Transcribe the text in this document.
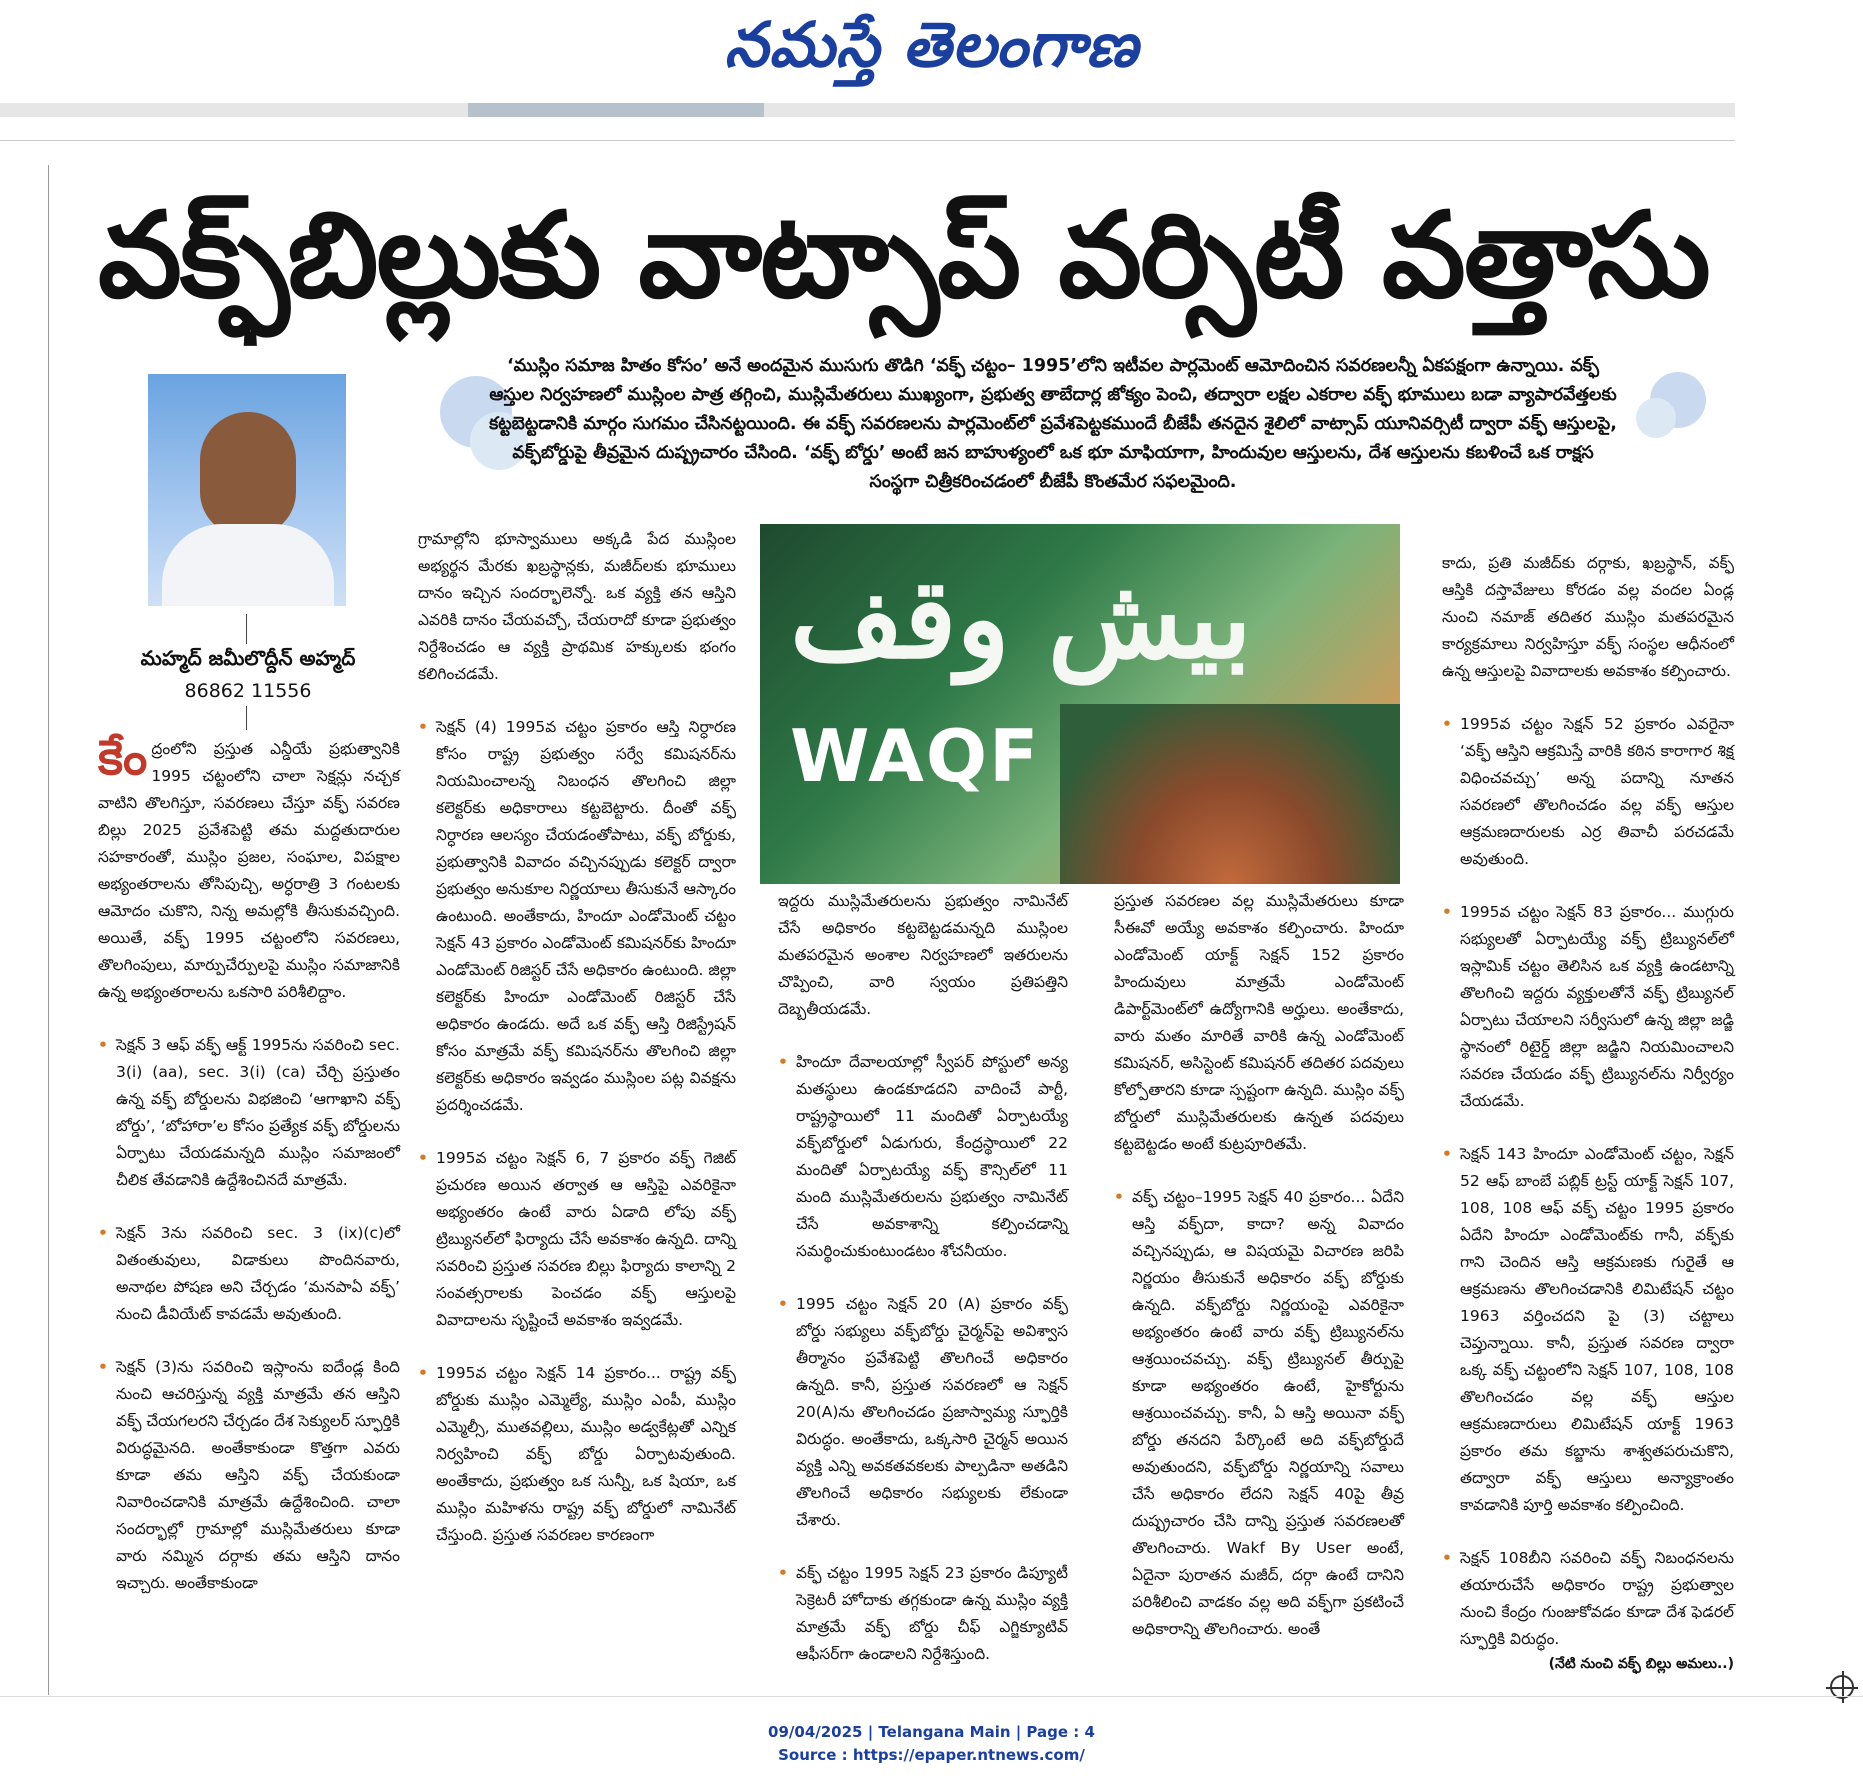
నమస్తే తెలంగాణ
వక్ఫ్‌బిల్లుకు వాట్సాప్ వర్సిటీ వత్తాసు
మహ్మద్ జమీలొద్దీన్ అహ్మద్
86862 11556
‘ముస్లిం సమాజ హితం కోసం’ అనే అందమైన ముసుగు తొడిగి ‘వక్ఫ్ చట్టం– 1995’లోని ఇటీవల పార్లమెంట్ ఆమోదించిన సవరణలన్నీ ఏకపక్షంగా ఉన్నాయి. వక్ఫ్ ఆస్తుల నిర్వహణలో ముస్లింల పాత్ర తగ్గించి, ముస్లిమేతరులు ముఖ్యంగా, ప్రభుత్వ తాబేదార్ల జోక్యం పెంచి, తద్వారా లక్షల ఎకరాల వక్ఫ్ భూములు బడా వ్యాపారవేత్తలకు కట్టబెట్టడానికి మార్గం సుగమం చేసినట్టయింది. ఈ వక్ఫ్ సవరణలను పార్లమెంట్‌లో ప్రవేశపెట్టకముందే బీజేపీ తనదైన శైలిలో వాట్సాప్ యూనివర్సిటీ ద్వారా వక్ఫ్ ఆస్తులపై, వక్ఫ్‌బోర్డుపై తీవ్రమైన దుష్ప్రచారం చేసింది. ‘వక్ఫ్ బోర్డు’ అంటే జన బాహుళ్యంలో ఒక భూ మాఫియాగా, హిందువుల ఆస్తులను, దేశ ఆస్తులను కబళించే ఒక రాక్షస సంస్థగా చిత్రీకరించడంలో బీజేపీ కొంతమేర సఫలమైంది.

కేంద్రంలోని ప్రస్తుత ఎన్డీయే ప్రభుత్వానికి 1995 చట్టంలోని చాలా సెక్షన్లు నచ్చక వాటిని తొలగిస్తూ, సవరణలు చేస్తూ వక్ఫ్ సవరణ బిల్లు 2025 ప్రవేశపెట్టి తమ మద్దతుదారుల సహకారంతో, ముస్లిం ప్రజల, సంఘాల, విపక్షాల అభ్యంతరాలను తోసిపుచ్చి, అర్ధరాత్రి 3 గంటలకు ఆమోదం చుకొని, నిన్న అమల్లోకి తీసుకువచ్చింది. అయితే, వక్ఫ్ 1995 చట్టంలోని సవరణలు, తొలగింపులు, మార్పుచేర్పులపై ముస్లిం సమాజానికి ఉన్న అభ్యంతరాలను ఒకసారి పరిశీలిద్దాం.

• సెక్షన్ 3 ఆఫ్ వక్ఫ్ ఆక్ట్ 1995ను సవరించి sec. 3(i) (aa), sec. 3(i) (ca) చేర్చి ప్రస్తుతం ఉన్న వక్ఫ్ బోర్డులను విభజించి ‘ఆగాఖాని వక్ఫ్ బోర్డు’, ‘బోహారా’ల కోసం ప్రత్యేక వక్ఫ్ బోర్డులను ఏర్పాటు చేయడమన్నది ముస్లిం సమాజంలో చీలిక తేవడానికి ఉద్దేశించినదే మాత్రమే.

• సెక్షన్ 3ను సవరించి sec. 3 (ix)(c)లో వితంతువులు, విడాకులు పొందినవారు, అనాథల పోషణ అని చేర్చడం ‘మనపాఏ వక్ఫ్’ నుంచి డీవియేట్ కావడమే అవుతుంది.

• సెక్షన్ (3)ను సవరించి ఇస్లాంను ఐదేండ్ల కింది నుంచి ఆచరిస్తున్న వ్యక్తి మాత్రమే తన ఆస్తిని వక్ఫ్ చేయగలరని చేర్చడం దేశ సెక్యులర్ స్ఫూర్తికి విరుద్ధమైనది. అంతేకాకుండా కొత్తగా ఎవరు కూడా తమ ఆస్తిని వక్ఫ్ చేయకుండా నివారించడానికి మాత్రమే ఉద్దేశించింది. చాలా సందర్భాల్లో గ్రామాల్లో ముస్లిమేతరులు కూడా వారు నమ్మిన దర్గాకు తమ ఆస్తిని దానం ఇచ్చారు. అంతేకాకుండా

గ్రామాల్లోని భూస్వాములు అక్కడి పేద ముస్లింల అభ్యర్థన మేరకు ఖబ్రస్థాన్లకు, మజీద్‌లకు భూములు దానం ఇచ్చిన సందర్భాలెన్నో. ఒక వ్యక్తి తన ఆస్తిని ఎవరికి దానం చేయవచ్చో, చేయరాదో కూడా ప్రభుత్వం నిర్దేశించడం ఆ వ్యక్తి ప్రాథమిక హక్కులకు భంగం కలిగించడమే.

• సెక్షన్ (4) 1995వ చట్టం ప్రకారం ఆస్తి నిర్ధారణ కోసం రాష్ట్ర ప్రభుత్వం సర్వే కమిషనర్‌ను నియమించాలన్న నిబంధన తొలగించి జిల్లా కలెక్టర్‌కు అధికారాలు కట్టబెట్టారు. దీంతో వక్ఫ్ నిర్ధారణ ఆలస్యం చేయడంతోపాటు, వక్ఫ్ బోర్డుకు, ప్రభుత్వానికి వివాదం వచ్చినప్పుడు కలెక్టర్ ద్వారా ప్రభుత్వం అనుకూల నిర్ణయాలు తీసుకునే ఆస్కారం ఉంటుంది. అంతేకాదు, హిందూ ఎండోమెంట్ చట్టం సెక్షన్ 43 ప్రకారం ఎండోమెంట్ కమిషనర్‌కు హిందూ ఎండోమెంట్ రిజిస్టర్ చేసే అధికారం ఉంటుంది. జిల్లా కలెక్టర్‌కు హిందూ ఎండోమెంట్ రిజిస్టర్ చేసే అధికారం ఉండదు. అదే ఒక వక్ఫ్ ఆస్తి రిజిస్ట్రేషన్ కోసం మాత్రమే వక్ఫ్ కమిషనర్‌ను తొలగించి జిల్లా కలెక్టర్‌కు అధికారం ఇవ్వడం ముస్లింల పట్ల వివక్షను ప్రదర్శించడమే.

• 1995వ చట్టం సెక్షన్ 6, 7 ప్రకారం వక్ఫ్ గెజిట్ ప్రచురణ అయిన తర్వాత ఆ ఆస్తిపై ఎవరికైనా అభ్యంతరం ఉంటే వారు ఏడాది లోపు వక్ఫ్ ట్రిబ్యునల్‌లో ఫిర్యాదు చేసే అవకాశం ఉన్నది. దాన్ని సవరించి ప్రస్తుత సవరణ బిల్లు ఫిర్యాదు కాలాన్ని 2 సంవత్సరాలకు పెంచడం వక్ఫ్ ఆస్తులపై వివాదాలను సృష్టించే అవకాశం ఇవ్వడమే.

• 1995వ చట్టం సెక్షన్ 14 ప్రకారం... రాష్ట్ర వక్ఫ్ బోర్డుకు ముస్లిం ఎమ్మెల్యే, ముస్లిం ఎంపీ, ముస్లిం ఎమ్మెల్సీ, ముతవల్లిలు, ముస్లిం అడ్వకేట్లతో ఎన్నిక నిర్వహించి వక్ఫ్ బోర్డు ఏర్పాటవుతుంది. అంతేకాదు, ప్రభుత్వం ఒక సున్నీ, ఒక షియా, ఒక ముస్లిం మహిళను రాష్ట్ర వక్ఫ్ బోర్డులో నామినేట్ చేస్తుంది. ప్రస్తుత సవరణల కారణంగా

بیش وقف
WAQF

ఇద్దరు ముస్లిమేతరులను ప్రభుత్వం నామినేట్ చేసే అధికారం కట్టబెట్టడమన్నది ముస్లింల మతపరమైన అంశాల నిర్వహణలో ఇతరులను చొప్పించి, వారి స్వయం ప్రతిపత్తిని దెబ్బతీయడమే.

• హిందూ దేవాలయాల్లో స్వీపర్ పోస్టులో అన్య మతస్థులు ఉండకూడదని వాదించే పార్టీ, రాష్ట్రస్థాయిలో 11 మందితో ఏర్పాటయ్యే వక్ఫ్‌బోర్డులో ఏడుగురు, కేంద్రస్థాయిలో 22 మందితో ఏర్పాటయ్యే వక్ఫ్ కౌన్సిల్‌లో 11 మంది ముస్లిమేతరులను ప్రభుత్వం నామినేట్ చేసే అవకాశాన్ని కల్పించడాన్ని సమర్థించుకుంటుండటం శోచనీయం.

• 1995 చట్టం సెక్షన్ 20 (A) ప్రకారం వక్ఫ్ బోర్డు సభ్యులు వక్ఫ్‌బోర్డు చైర్మన్‌పై అవిశ్వాస తీర్మానం ప్రవేశపెట్టి తొలగించే అధికారం ఉన్నది. కానీ, ప్రస్తుత సవరణలో ఆ సెక్షన్ 20(A)ను తొలగించడం ప్రజాస్వామ్య స్ఫూర్తికి విరుద్ధం. అంతేకాదు, ఒక్కసారి చైర్మన్ అయిన వ్యక్తి ఎన్ని అవకతవకలకు పాల్పడినా అతడిని తొలగించే అధికారం సభ్యులకు లేకుండా చేశారు.

• వక్ఫ్ చట్టం 1995 సెక్షన్ 23 ప్రకారం డిప్యూటీ సెక్రెటరీ హోదాకు తగ్గకుండా ఉన్న ముస్లిం వ్యక్తి మాత్రమే వక్ఫ్ బోర్డు చీఫ్ ఎగ్జిక్యూటివ్ ఆఫీసర్‌గా ఉండాలని నిర్దేశిస్తుంది.

ప్రస్తుత సవరణల వల్ల ముస్లిమేతరులు కూడా సీఈవో అయ్యే అవకాశం కల్పించారు. హిందూ ఎండోమెంట్ యాక్ట్ సెక్షన్ 152 ప్రకారం హిందువులు మాత్రమే ఎండోమెంట్ డిపార్ట్‌మెంట్‌లో ఉద్యోగానికి అర్హులు. అంతేకాదు, వారు మతం మారితే వారికి ఉన్న ఎండోమెంట్ కమిషనర్, అసిస్టెంట్ కమిషనర్ తదితర పదవులు కోల్పోతారని కూడా స్పష్టంగా ఉన్నది. ముస్లిం వక్ఫ్ బోర్డులో ముస్లిమేతరులకు ఉన్నత పదవులు కట్టబెట్టడం అంటే కుట్రపూరితమే.

• వక్ఫ్ చట్టం–1995 సెక్షన్ 40 ప్రకారం... ఏదేని ఆస్తి వక్ఫ్‌దా, కాదా? అన్న వివాదం వచ్చినప్పుడు, ఆ విషయమై విచారణ జరిపి నిర్ణయం తీసుకునే అధికారం వక్ఫ్ బోర్డుకు ఉన్నది. వక్ఫ్‌బోర్డు నిర్ణయంపై ఎవరికైనా అభ్యంతరం ఉంటే వారు వక్ఫ్ ట్రిబ్యునల్‌ను ఆశ్రయించవచ్చు. వక్ఫ్ ట్రిబ్యునల్ తీర్పుపై కూడా అభ్యంతరం ఉంటే, హైకోర్టును ఆశ్రయించవచ్చు. కానీ, ఏ ఆస్తి అయినా వక్ఫ్ బోర్డు తనదని పేర్కొంటే అది వక్ఫ్‌బోర్డుదే అవుతుందని, వక్ఫ్‌బోర్డు నిర్ణయాన్ని సవాలు చేసే అధికారం లేదని సెక్షన్ 40పై తీవ్ర దుష్ప్రచారం చేసి దాన్ని ప్రస్తుత సవరణలతో తొలగించారు. Wakf By User అంటే, ఏదైనా పురాతన మజీద్, దర్గా ఉంటే దానిని పరిశీలించి వాడకం వల్ల అది వక్ఫ్‌గా ప్రకటించే అధికారాన్ని తొలగించారు. అంతే

కాదు, ప్రతి మజీద్‌కు దర్గాకు, ఖబ్రస్థాన్, వక్ఫ్ ఆస్తికి దస్తావేజులు కోరడం వల్ల వందల ఏండ్ల నుంచి నమాజ్ తదితర ముస్లిం మతపరమైన కార్యక్రమాలు నిర్వహిస్తూ వక్ఫ్ సంస్థల ఆధీనంలో ఉన్న ఆస్తులపై వివాదాలకు అవకాశం కల్పించారు.

• 1995వ చట్టం సెక్షన్ 52 ప్రకారం ఎవరైనా ‘వక్ఫ్ ఆస్తిని ఆక్రమిస్తే వారికి కఠిన కారాగార శిక్ష విధించవచ్చు’ అన్న పదాన్ని నూతన సవరణలో తొలగించడం వల్ల వక్ఫ్ ఆస్తుల ఆక్రమణదారులకు ఎర్ర తివాచీ పరచడమే అవుతుంది.

• 1995వ చట్టం సెక్షన్ 83 ప్రకారం... ముగ్గురు సభ్యులతో ఏర్పాటయ్యే వక్ఫ్ ట్రిబ్యునల్‌లో ఇస్లామిక్ చట్టం తెలిసిన ఒక వ్యక్తి ఉండటాన్ని తొలగించి ఇద్దరు వ్యక్తులతోనే వక్ఫ్ ట్రిబ్యునల్ ఏర్పాటు చేయాలని సర్వీసులో ఉన్న జిల్లా జడ్జి స్థానంలో రిటైర్డ్ జిల్లా జడ్జిని నియమించాలని సవరణ చేయడం వక్ఫ్ ట్రిబ్యునల్‌ను నిర్వీర్యం చేయడమే.

• సెక్షన్ 143 హిందూ ఎండోమెంట్ చట్టం, సెక్షన్ 52 ఆఫ్ బాంబే పబ్లిక్ ట్రస్ట్ యాక్ట్ సెక్షన్ 107, 108, 108 ఆఫ్ వక్ఫ్ చట్టం 1995 ప్రకారం ఏదేని హిందూ ఎండోమెంట్‌కు గానీ, వక్ఫ్‌కు గాని చెందిన ఆస్తి ఆక్రమణకు గురైతే ఆ ఆక్రమణను తొలగించడానికి లిమిటేషన్ చట్టం 1963 వర్తించదని పై (3) చట్టాలు చెప్తున్నాయి. కానీ, ప్రస్తుత సవరణ ద్వారా ఒక్క వక్ఫ్ చట్టంలోని సెక్షన్ 107, 108, 108 తొలగించడం వల్ల వక్ఫ్ ఆస్తుల ఆక్రమణదారులు లిమిటేషన్ యాక్ట్ 1963 ప్రకారం తమ కబ్జాను శాశ్వతపరుచుకొని, తద్వారా వక్ఫ్ ఆస్తులు అన్యాక్రాంతం కావడానికి పూర్తి అవకాశం కల్పించింది.

• సెక్షన్ 108బీని సవరించి వక్ఫ్ నిబంధనలను తయారుచేసే అధికారం రాష్ట్ర ప్రభుత్వాల నుంచి కేంద్రం గుంజుకోవడం కూడా దేశ ఫెడరల్ స్ఫూర్తికి విరుద్ధం.

(నేటి నుంచి వక్ఫ్ బిల్లు అమలు..)
09/04/2025 | Telangana Main | Page : 4
Source : https://epaper.ntnews.com/
